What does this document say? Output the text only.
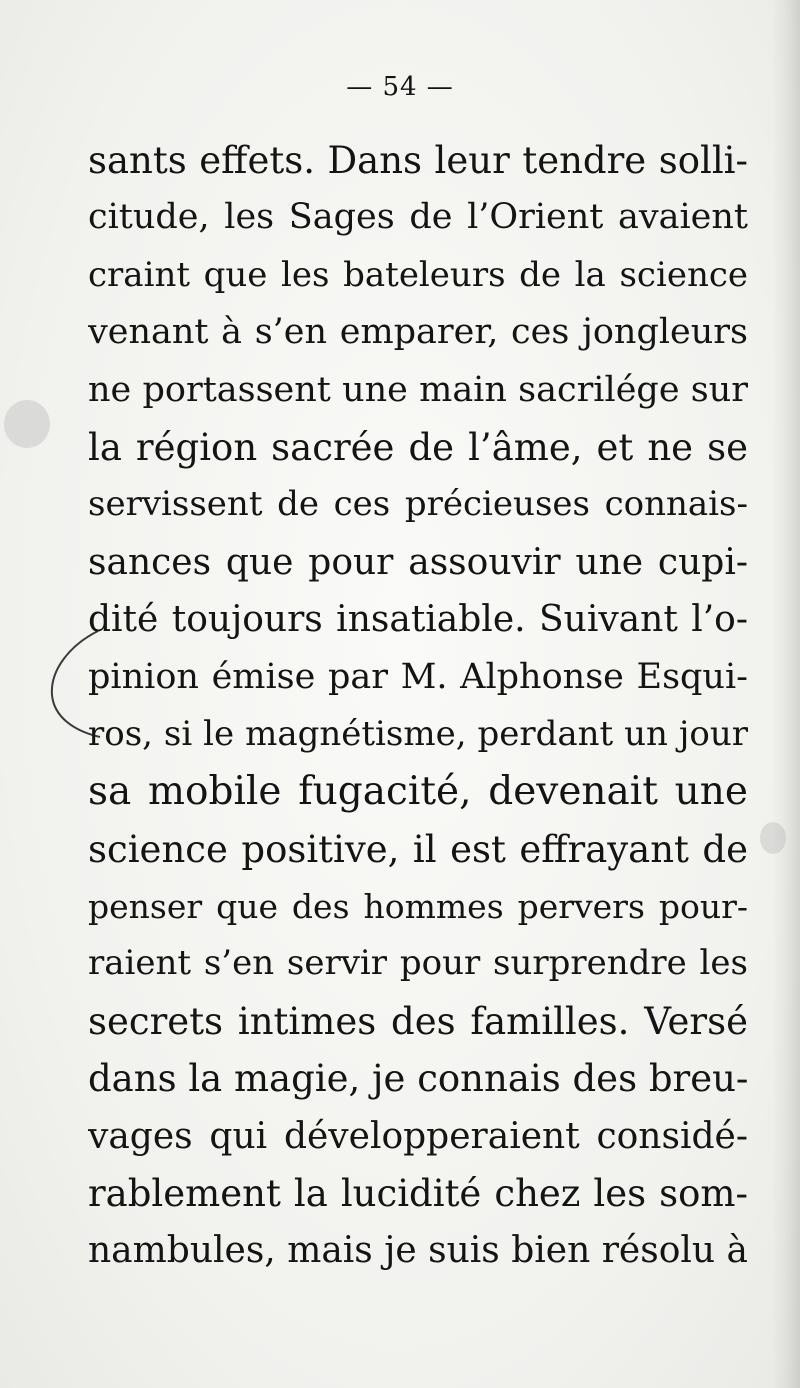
— 54 —
sants effets. Dans leur tendre solli-
citude, les Sages de l’Orient avaient
craint que les bateleurs de la science
venant à s’en emparer, ces jongleurs
ne portassent une main sacrilége sur
la région sacrée de l’âme, et ne se
servissent de ces précieuses connais-
sances que pour assouvir une cupi-
dité toujours insatiable. Suivant l’o-
pinion émise par M. Alphonse Esqui-
ros, si le magnétisme, perdant un jour
sa mobile fugacité, devenait une
science positive, il est effrayant de
penser que des hommes pervers pour-
raient s’en servir pour surprendre les
secrets intimes des familles. Versé
dans la magie, je connais des breu-
vages qui développeraient considé-
rablement la lucidité chez les som-
nambules, mais je suis bien résolu à
